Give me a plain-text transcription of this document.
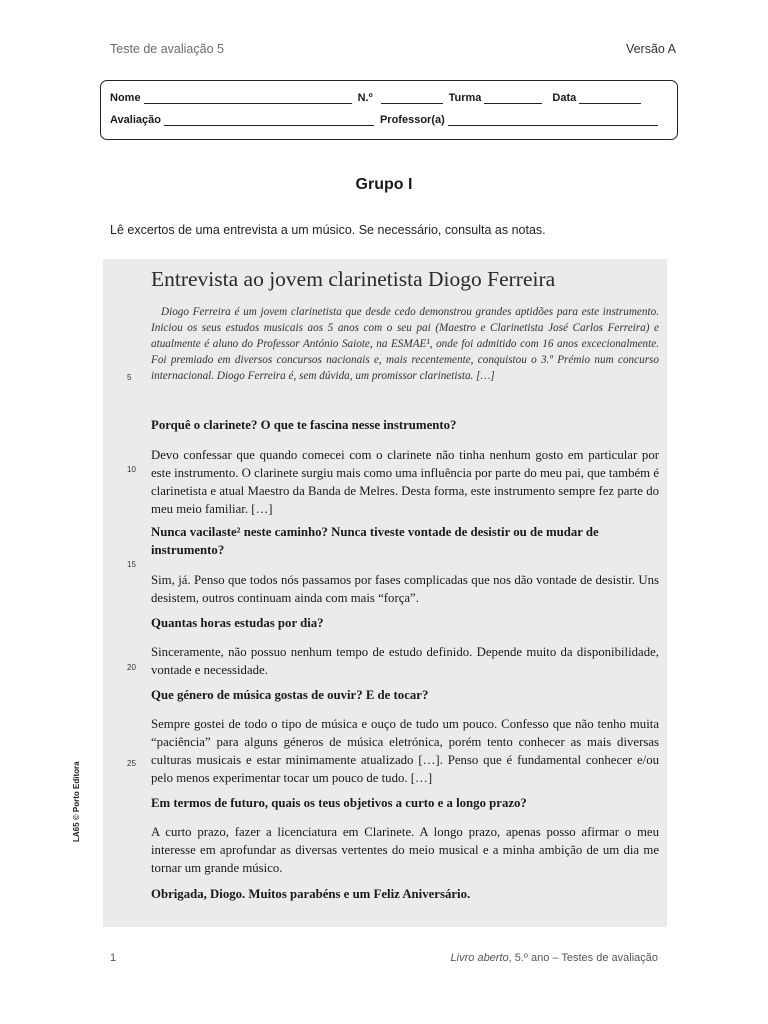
Teste de avaliação 5	Versão A
Nome	N.º	Turma	Data
Avaliação	Professor(a)
Grupo I
Lê excertos de uma entrevista a um músico. Se necessário, consulta as notas.
Entrevista ao jovem clarinetista Diogo Ferreira
Diogo Ferreira é um jovem clarinetista que desde cedo demonstrou grandes aptidões para este instrumento. Iniciou os seus estudos musicais aos 5 anos com o seu pai (Maestro e Clarinetista José Carlos Ferreira) e atualmente é aluno do Professor António Saiote, na ESMAE¹, onde foi admitido com 16 anos excecionalmente. Foi premiado em diversos concursos nacionais e, mais recentemente, conquistou o 3.º Prémio num concurso internacional. Diogo Ferreira é, sem dúvida, um promissor clarinetista. […]
5
10
15
20
25
Porquê o clarinete? O que te fascina nesse instrumento?
Devo confessar que quando comecei com o clarinete não tinha nenhum gosto em particular por este instrumento. O clarinete surgiu mais como uma influência por parte do meu pai, que também é clarinetista e atual Maestro da Banda de Melres. Desta forma, este instrumento sempre fez parte do meu meio familiar. […]
Nunca vacilaste² neste caminho? Nunca tiveste vontade de desistir ou de mudar de instrumento?
Sim, já. Penso que todos nós passamos por fases complicadas que nos dão vontade de desistir. Uns desistem, outros continuam ainda com mais “força”.
Quantas horas estudas por dia?
Sinceramente, não possuo nenhum tempo de estudo definido. Depende muito da disponibilidade, vontade e necessidade.
Que género de música gostas de ouvir? E de tocar?
Sempre gostei de todo o tipo de música e ouço de tudo um pouco. Confesso que não tenho muita “paciência” para alguns géneros de música eletrónica, porém tento conhecer as mais diversas culturas musicais e estar minimamente atualizado […]. Penso que é fundamental conhecer e/ou pelo menos experimentar tocar um pouco de tudo. […]
Em termos de futuro, quais os teus objetivos a curto e a longo prazo?
A curto prazo, fazer a licenciatura em Clarinete. A longo prazo, apenas posso afirmar o meu interesse em aprofundar as diversas vertentes do meio musical e a minha ambição de um dia me tornar um grande músico.
Obrigada, Diogo. Muitos parabéns e um Feliz Aniversário.
LA65 © Porto Editora
1	Livro aberto, 5.º ano – Testes de avaliação
